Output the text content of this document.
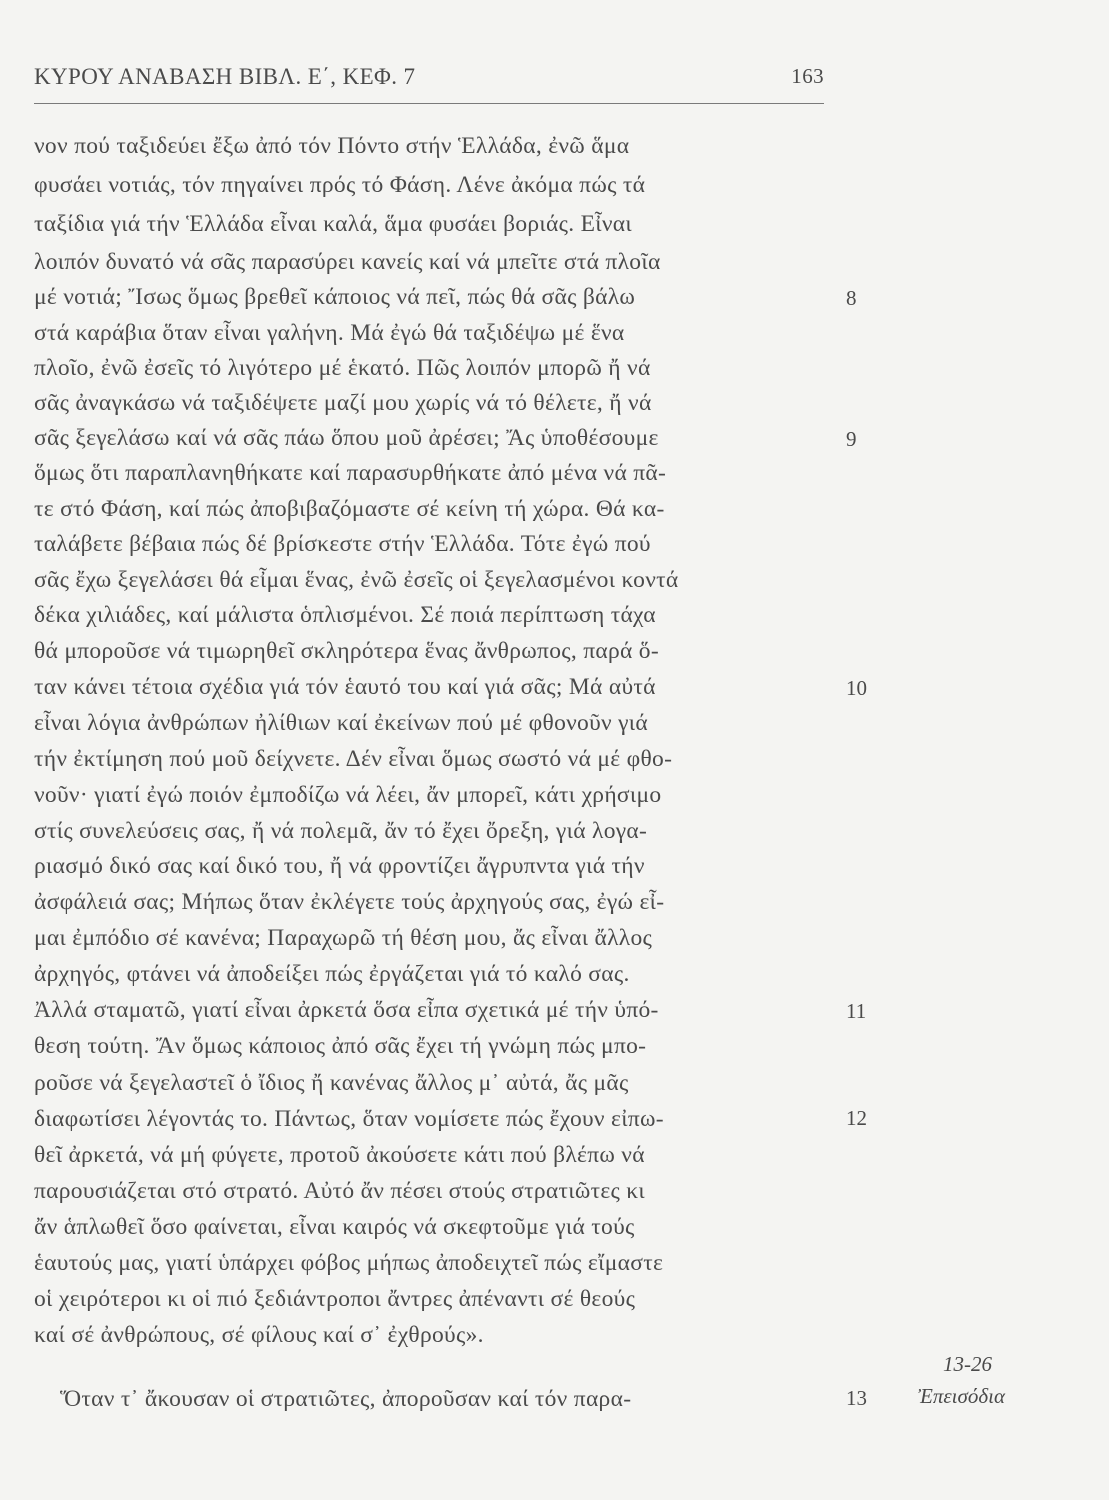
ΚΥΡΟΥ ΑΝΑΒΑΣΗ ΒΙΒΛ. Ε΄, ΚΕΦ. 7	163
νον πού ταξιδεύει ἔξω ἀπό τόν Πόντο στήν Ἑλλάδα, ἐνῶ ἅμα
φυσάει νοτιάς, τόν πηγαίνει πρός τό Φάση. Λένε ἀκόμα πώς τά
ταξίδια γιά τήν Ἑλλάδα εἶναι καλά, ἅμα φυσάει βοριάς. Εἶναι
λοιπόν δυνατό νά σᾶς παρασύρει κανείς καί νά μπεῖτε στά πλοῖα
μέ νοτιά; Ἴσως ὅμως βρεθεῖ κάποιος νά πεῖ, πώς θά σᾶς βάλω
στά καράβια ὅταν εἶναι γαλήνη. Μά ἐγώ θά ταξιδέψω μέ ἕνα
πλοῖο, ἐνῶ ἐσεῖς τό λιγότερο μέ ἑκατό. Πῶς λοιπόν μπορῶ ἤ νά
σᾶς ἀναγκάσω νά ταξιδέψετε μαζί μου χωρίς νά τό θέλετε, ἤ νά
σᾶς ξεγελάσω καί νά σᾶς πάω ὅπου μοῦ ἀρέσει; Ἄς ὑποθέσουμε
ὅμως ὅτι παραπλανηθήκατε καί παρασυρθήκατε ἀπό μένα νά πᾶ-
τε στό Φάση, καί πώς ἀποβιβαζόμαστε σέ κείνη τή χώρα. Θά κα-
ταλάβετε βέβαια πώς δέ βρίσκεστε στήν Ἑλλάδα. Τότε ἐγώ πού
σᾶς ἔχω ξεγελάσει θά εἶμαι ἕνας, ἐνῶ ἐσεῖς οἱ ξεγελασμένοι κοντά
δέκα χιλιάδες, καί μάλιστα ὁπλισμένοι. Σέ ποιά περίπτωση τάχα
θά μποροῦσε νά τιμωρηθεῖ σκληρότερα ἕνας ἄνθρωπος, παρά ὅ-
ταν κάνει τέτοια σχέδια γιά τόν ἑαυτό του καί γιά σᾶς; Μά αὐτά
εἶναι λόγια ἀνθρώπων ἠλίθιων καί ἐκείνων πού μέ φθονοῦν γιά
τήν ἐκτίμηση πού μοῦ δείχνετε. Δέν εἶναι ὅμως σωστό νά μέ φθο-
νοῦν· γιατί ἐγώ ποιόν ἐμποδίζω νά λέει, ἄν μπορεῖ, κάτι χρήσιμο
στίς συνελεύσεις σας, ἤ νά πολεμᾶ, ἄν τό ἔχει ὄρεξη, γιά λογα-
ριασμό δικό σας καί δικό του, ἤ νά φροντίζει ἄγρυπντα γιά τήν
ἀσφάλειά σας; Μήπως ὅταν ἐκλέγετε τούς ἀρχηγούς σας, ἐγώ εἶ-
μαι ἐμπόδιο σέ κανένα; Παραχωρῶ τή θέση μου, ἄς εἶναι ἄλλος
ἀρχηγός, φτάνει νά ἀποδείξει πώς ἐργάζεται γιά τό καλό σας.
Ἀλλά σταματῶ, γιατί εἶναι ἀρκετά ὅσα εἶπα σχετικά μέ τήν ὑπό-
θεση τούτη. Ἄν ὅμως κάποιος ἀπό σᾶς ἔχει τή γνώμη πώς μπο-
ροῦσε νά ξεγελαστεῖ ὁ ἴδιος ἤ κανένας ἄλλος μ᾽ αὐτά, ἄς μᾶς
διαφωτίσει λέγοντάς το. Πάντως, ὅταν νομίσετε πώς ἔχουν εἰπω-
θεῖ ἀρκετά, νά μή φύγετε, προτοῦ ἀκούσετε κάτι πού βλέπω νά
παρουσιάζεται στό στρατό. Αὐτό ἄν πέσει στούς στρατιῶτες κι
ἄν ἁπλωθεῖ ὅσο φαίνεται, εἶναι καιρός νά σκεφτοῦμε γιά τούς
ἑαυτούς μας, γιατί ὑπάρχει φόβος μήπως ἀποδειχτεῖ πώς εἴμαστε
οἱ χειρότεροι κι οἱ πιό ξεδιάντροποι ἄντρες ἀπέναντι σέ θεούς
καί σέ ἀνθρώπους, σέ φίλους καί σ᾽ ἐχθρούς».
Ὅταν τ᾽ ἄκουσαν οἱ στρατιῶτες, ἀποροῦσαν καί τόν παρα-
8
9
10
11
12
13
13-26
Ἐπεισόδια
